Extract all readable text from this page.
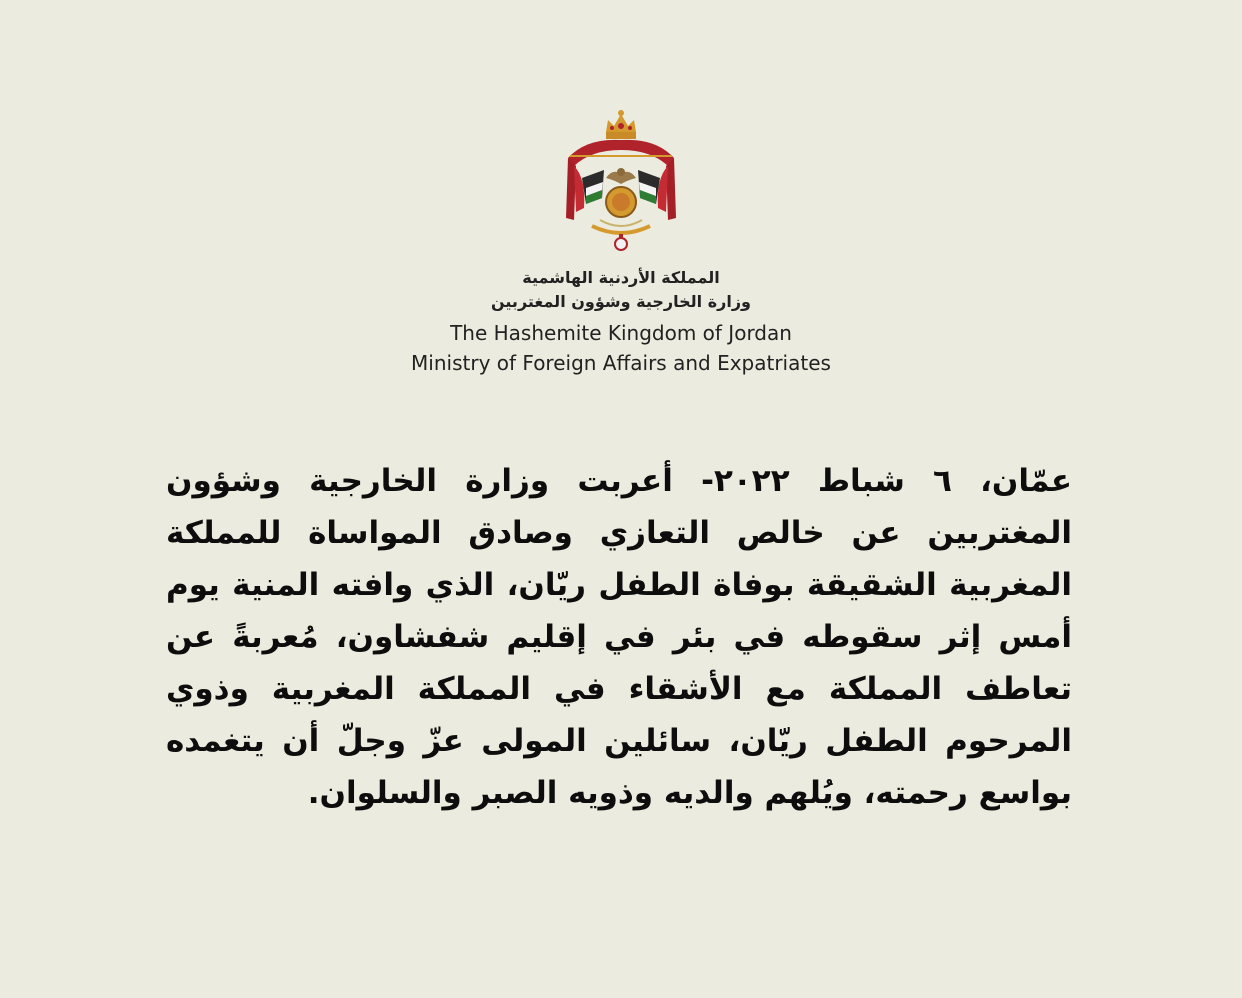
المملكة الأردنية الهاشمية
وزارة الخارجية وشؤون المغتربين
The Hashemite Kingdom of Jordan
Ministry of Foreign Affairs and Expatriates

عمّان، ٦ شباط ٢٠٢٢- أعربت وزارة الخارجية وشؤون المغتربين عن خالص التعازي وصادق المواساة للمملكة المغربية الشقيقة بوفاة الطفل ريّان، الذي وافته المنية يوم أمس إثر سقوطه في بئر في إقليم شفشاون، مُعربةً عن تعاطف المملكة مع الأشقاء في المملكة المغربية وذوي المرحوم الطفل ريّان، سائلين المولى عزّ وجلّ أن يتغمده بواسع رحمته، ويُلهم والديه وذويه الصبر والسلوان.
